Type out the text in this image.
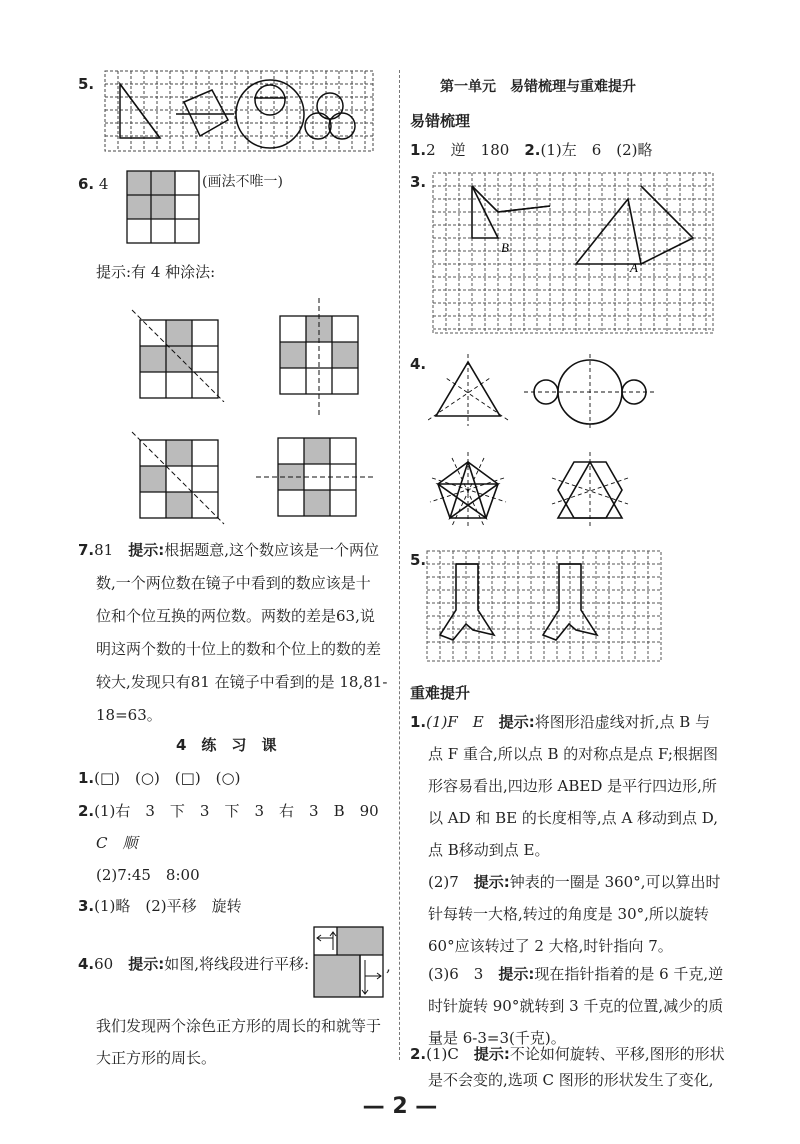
5.
6. 4	(画法不唯一)
提示:有 4 种涂法:
7.81　 提示:根据题意,这个数应该是一个两位
数,一个两位数在镜子中看到的数应该是十
位和个位互换的两位数。两数的差是63,说
明这两个数的十位上的数和个位上的数的差
较大,发现只有81 在镜子中看到的是 18,81-
18=63。
4　练　习　课
1.(□)　(○)　(□)　(○)
2.(1)右　3　下　3　下　3　右　3　B　90
C　顺
(2)7:45　8:00
3.(1)略　(2)平移　旋转
4.60　 提示:如图,将线段进行平移:	,
我们发现两个涂色正方形的周长的和就等于
大正方形的周长。
第一单元　易错梳理与重难提升
易错梳理
1.2　逆　180　2.(1)左　6　(2)略
3.
B
A
4.
5.
重难提升
1.(1)F　E　提示:将图形沿虚线对折,点 B 与
点 F 重合,所以点 B 的对称点是点 F;根据图
形容易看出,四边形 ABED 是平行四边形,所
以 AD 和 BE 的长度相等,点 A 移动到点 D,
点 B移动到点 E。
(2)7　提示:钟表的一圈是 360°,可以算出时
针每转一大格,转过的角度是 30°,所以旋转
60°应该转过了 2 大格,时针指向 7。
(3)6　3　提示:现在指针指着的是 6 千克,逆
时针旋转 90°就转到 3 千克的位置,减少的质
量是 6-3=3(千克)。
2.(1)C　提示:不论如何旋转、平移,图形的形状
是不会变的,选项 C 图形的形状发生了变化,
— 2 —
